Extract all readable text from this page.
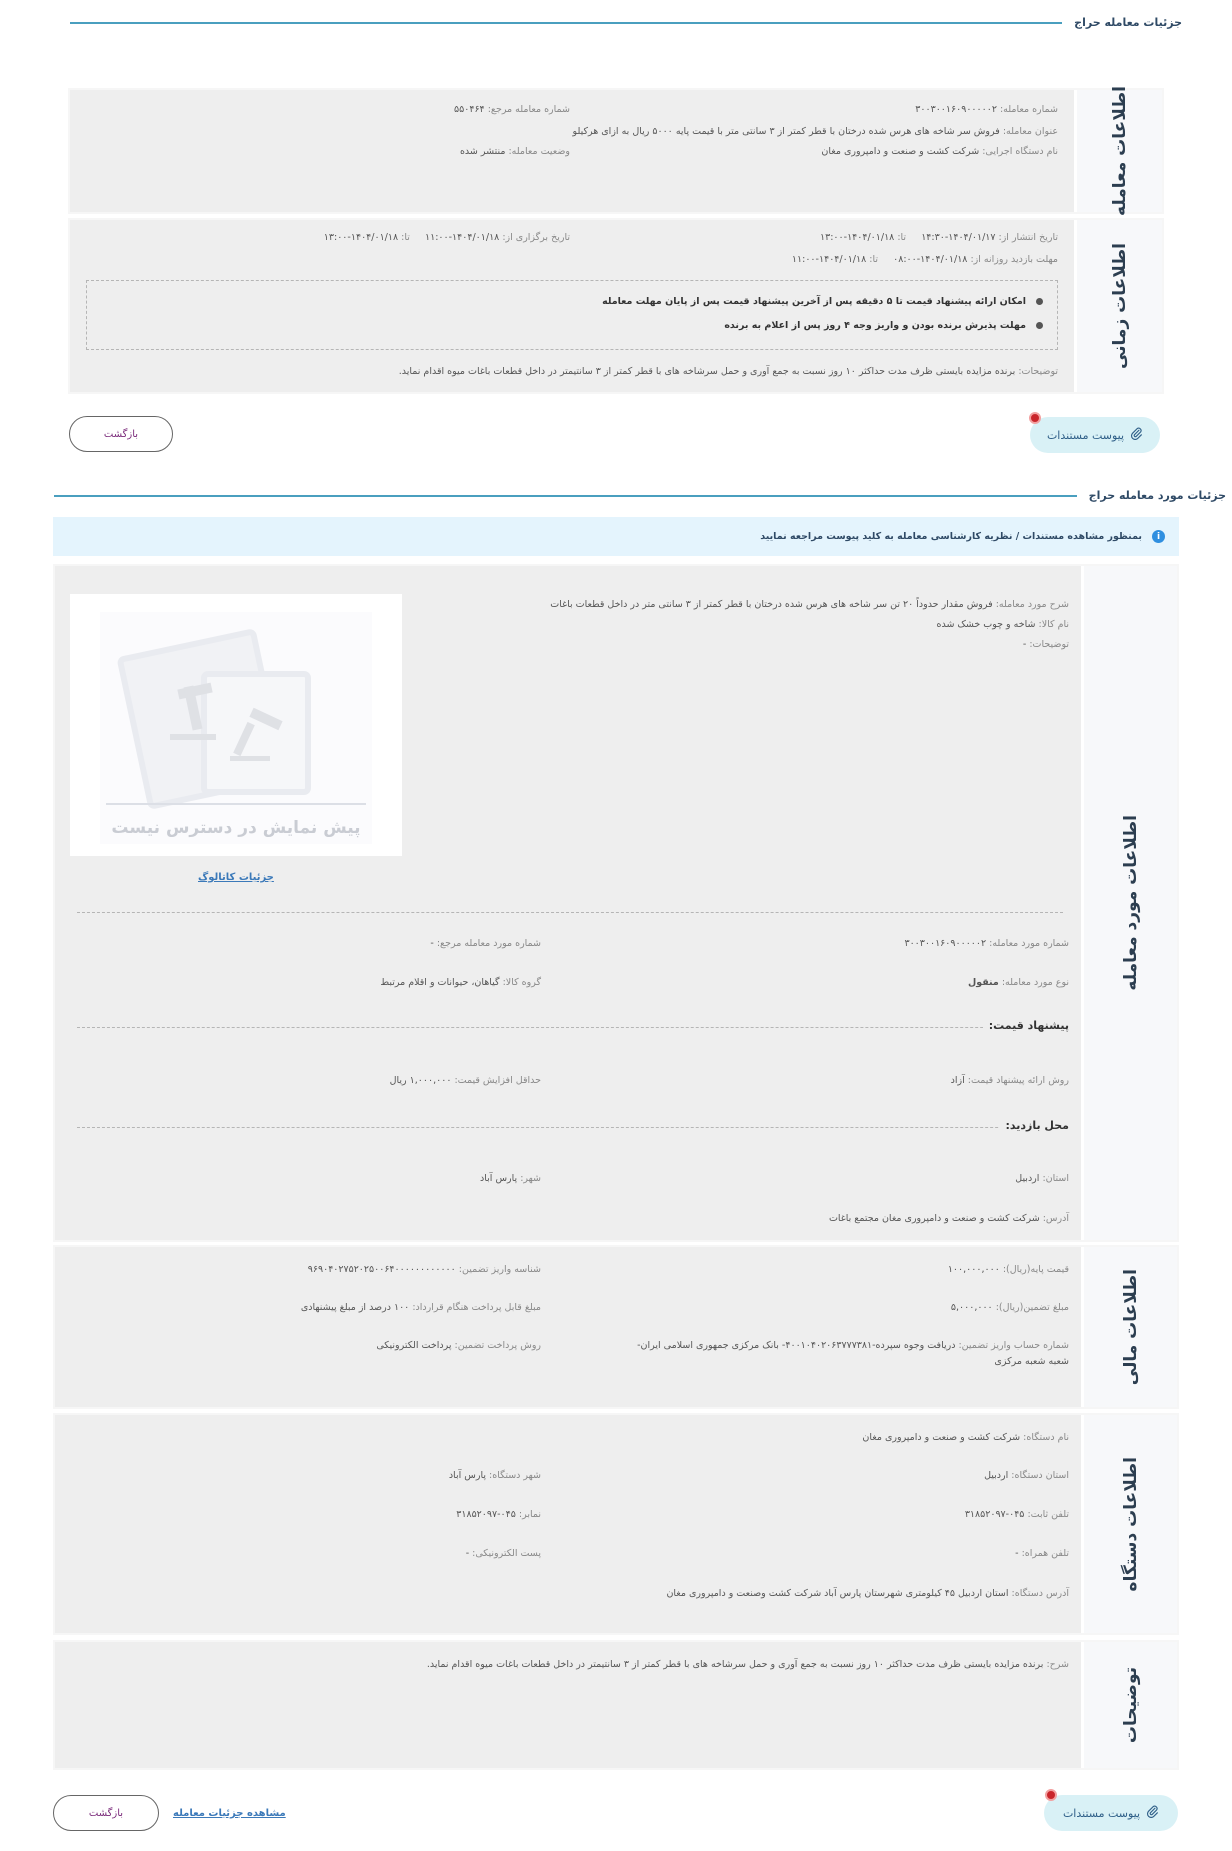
جزئیات معامله حراج
اطلاعات معامله
شماره معامله: ۳۰۰۳۰۰۱۶۰۹۰۰۰۰۰۲
شماره معامله مرجع: ۵۵۰۴۶۴
عنوان معامله: فروش سر شاخه های هرس شده درختان با قطر کمتر از ۳ سانتی متر با قیمت پایه ۵۰۰۰ ریال به ازای هرکیلو
نام دستگاه اجرایی: شرکت کشت و صنعت و دامپروری مغان
وضعیت معامله: منتشر شده
اطلاعات زمانی
تاریخ انتشار از: ۱۴۰۴/۰۱/۱۷-۱۴:۳۰     تا: ۱۴۰۴/۰۱/۱۸-۱۳:۰۰
تاریخ برگزاری از: ۱۴۰۴/۰۱/۱۸-۱۱:۰۰     تا: ۱۴۰۴/۰۱/۱۸-۱۳:۰۰
مهلت بازدید روزانه از: ۱۴۰۴/۰۱/۱۸-۰۸:۰۰     تا: ۱۴۰۴/۰۱/۱۸-۱۱:۰۰
امکان ارائه پیشنهاد قیمت تا ۵ دقیقه پس از آخرین پیشنهاد قیمت پس از پایان مهلت معامله
مهلت پذیرش برنده بودن و واریز وجه ۴ روز پس از اعلام به برنده
توضیحات: برنده مزایده بایستی ظرف مدت حداکثر ۱۰ روز نسبت به جمع آوری و حمل سرشاخه های با قطر کمتر از ۳ سانتیمتر در داخل قطعات باغات میوه اقدام نماید.
پیوست مستندات
بازگشت
جزئیات مورد معامله حراج
i
بمنظور مشاهده مستندات / نظریه کارشناسی معامله به کلید پیوست مراجعه نمایید
اطلاعات مورد معامله
شرح مورد معامله: فروش مقدار حدوداً ۲۰ تن سر شاخه های هرس شده درختان با قطر کمتر از ۳ سانتی متر در داخل قطعات باغات
نام کالا: شاخه و چوب خشک شده
توضیحات: -
پیش نمایش در دسترس نیست
جزئیات کاتالوگ
شماره مورد معامله: ۳۰۰۳۰۰۱۶۰۹۰۰۰۰۰۲
شماره مورد معامله مرجع: -
نوع مورد معامله: منقول
گروه کالا: گیاهان، حیوانات و اقلام مرتبط
پیشنهاد قیمت:
روش ارائه پیشنهاد قیمت: آزاد
حداقل افزایش قیمت: ۱,۰۰۰,۰۰۰ ریال
محل بازدید:
استان: اردبیل
شهر: پارس آباد
آدرس: شرکت کشت و صنعت و دامپروری مغان مجتمع باغات
اطلاعات مالی
قیمت پایه(ریال): ۱۰۰,۰۰۰,۰۰۰
شناسه واریز تضمین: ۹۶۹۰۴۰۲۷۵۲۰۲۵۰۰۶۴۰۰۰۰۰۰۰۰۰۰۰۰
مبلغ تضمین(ریال): ۵,۰۰۰,۰۰۰
مبلغ قابل پرداخت هنگام قرارداد: ۱۰۰ درصد از مبلغ پیشنهادی
شماره حساب واریز تضمین: دریافت وجوه سپرده-۴۰۰۱۰۴۰۲۰۶۳۷۷۷۳۸۱- بانک مرکزی جمهوری اسلامی ایران-
شعبه شعبه مرکزی
روش پرداخت تضمین: پرداخت الکترونیکی
اطلاعات دستگاه
نام دستگاه: شرکت کشت و صنعت و دامپروری مغان
استان دستگاه: اردبیل
شهر دستگاه: پارس آباد
تلفن ثابت: ۰۴۵-۳۱۸۵۲۰۹۷
نمابر: ۰۴۵-۳۱۸۵۲۰۹۷
تلفن همراه: -
پست الکترونیکی: -
آدرس دستگاه: استان اردبیل ۴۵ کیلومتری شهرستان پارس آباد شرکت کشت وصنعت و دامپروری مغان
توضیحات
شرح: برنده مزایده بایستی ظرف مدت حداکثر ۱۰ روز نسبت به جمع آوری و حمل سرشاخه های با قطر کمتر از ۳ سانتیمتر در داخل قطعات باغات میوه اقدام نماید.
پیوست مستندات
مشاهده جزئیات معامله
بازگشت
